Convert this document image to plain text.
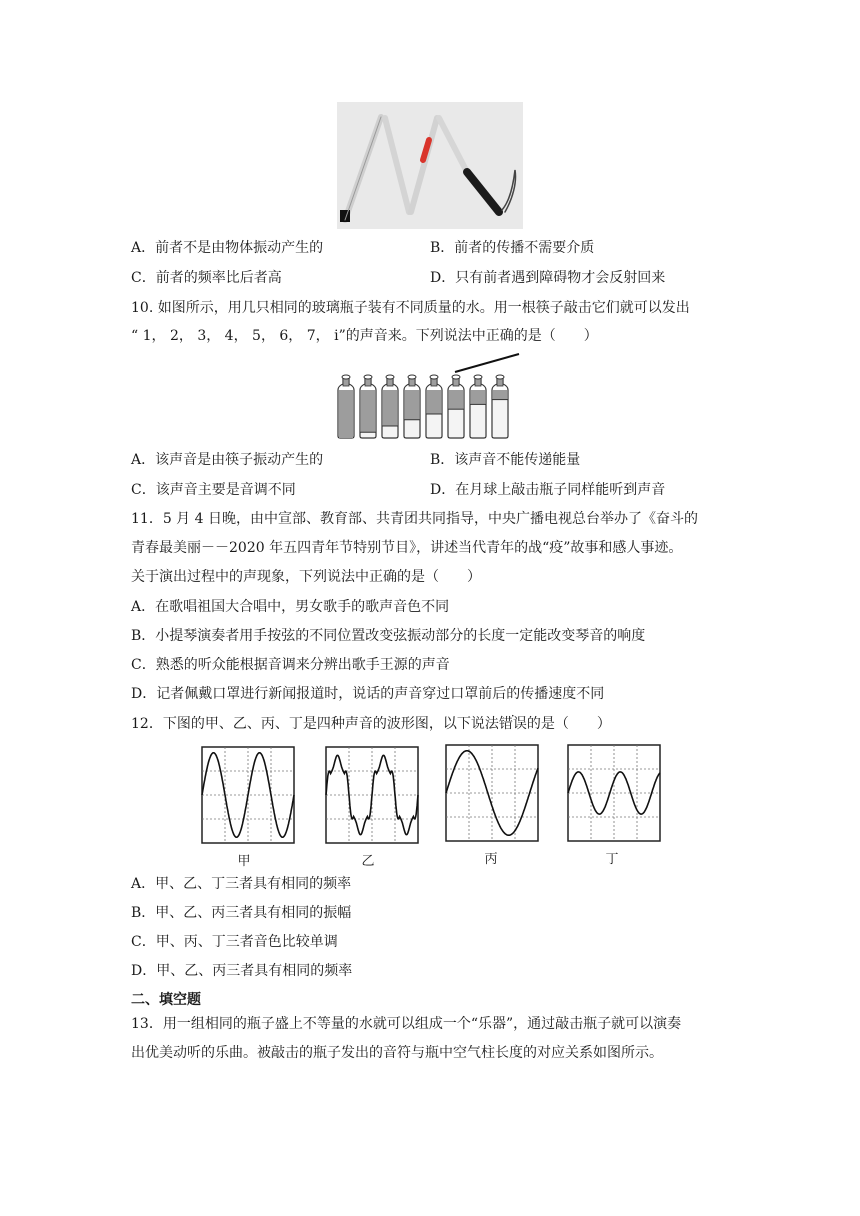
A．前者不是由物体振动产生的	B．前者的传播不需要介质
C．前者的频率比后者高	D．只有前者遇到障碍物才会反射回来
10. 如图所示，用几只相同的玻璃瓶子装有不同质量的水。用一根筷子敲击它们就可以发出
“ 1， 2， 3， 4， 5， 6， 7， i”的声音来。下列说法中正确的是（　　）
A．该声音是由筷子振动产生的	B．该声音不能传递能量
C．该声音主要是音调不同	D．在月球上敲击瓶子同样能听到声音
11．5 月 4 日晚，由中宣部、教育部、共青团共同指导，中央广播电视总台举办了《奋斗的
青春最美丽－－2020 年五四青年节特别节目》，讲述当代青年的战“疫”故事和感人事迹。
关于演出过程中的声现象，下列说法中正确的是（　　）
A．在歌唱祖国大合唱中，男女歌手的歌声音色不同
B．小提琴演奏者用手按弦的不同位置改变弦振动部分的长度一定能改变琴音的响度
C．熟悉的听众能根据音调来分辨出歌手王源的声音
D．记者佩戴口罩进行新闻报道时，说话的声音穿过口罩前后的传播速度不同
12．下图的甲、乙、丙、丁是四种声音的波形图，以下说法错误的是（　　）
甲	乙	丙	丁
A．甲、乙、丁三者具有相同的频率
B．甲、乙、丙三者具有相同的振幅
C．甲、丙、丁三者音色比较单调
D．甲、乙、丙三者具有相同的频率
二、填空题
13．用一组相同的瓶子盛上不等量的水就可以组成一个“乐器”，通过敲击瓶子就可以演奏
出优美动听的乐曲。被敲击的瓶子发出的音符与瓶中空气柱长度的对应关系如图所示。
